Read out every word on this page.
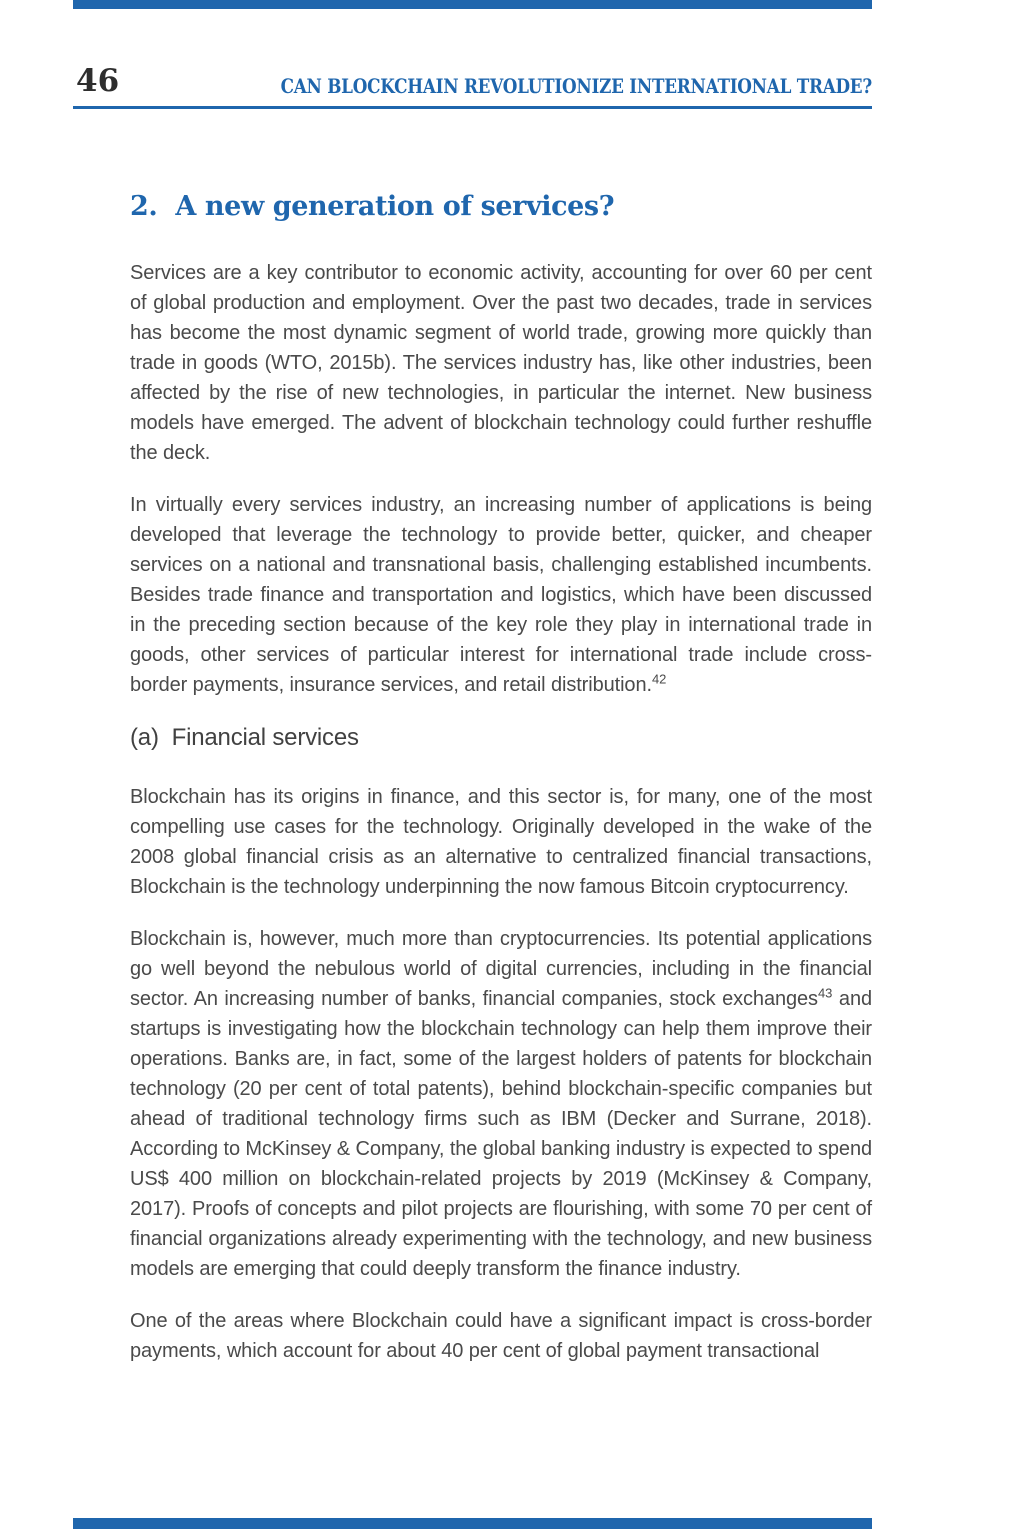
46	CAN BLOCKCHAIN REVOLUTIONIZE INTERNATIONAL TRADE?
2.  A new generation of services?

Services are a key contributor to economic activity, accounting for over 60 per cent of global production and employment. Over the past two decades, trade in services has become the most dynamic segment of world trade, growing more quickly than trade in goods (WTO, 2015b). The services industry has, like other industries, been affected by the rise of new technologies, in particular the internet. New business models have emerged. The advent of blockchain technology could further reshuffle the deck.

In virtually every services industry, an increasing number of applications is being developed that leverage the technology to provide better, quicker, and cheaper services on a national and transnational basis, challenging established incumbents. Besides trade finance and transportation and logistics, which have been discussed in the preceding section because of the key role they play in international trade in goods, other services of particular interest for international trade include cross-border payments, insurance services, and retail distribution.$^{42}$

(a)  Financial services

Blockchain has its origins in finance, and this sector is, for many, one of the most compelling use cases for the technology. Originally developed in the wake of the 2008 global financial crisis as an alternative to centralized financial transactions, Blockchain is the technology underpinning the now famous Bitcoin cryptocurrency.

Blockchain is, however, much more than cryptocurrencies. Its potential applications go well beyond the nebulous world of digital currencies, including in the financial sector. An increasing number of banks, financial companies, stock exchanges$^{43}$ and startups is investigating how the blockchain technology can help them improve their operations. Banks are, in fact, some of the largest holders of patents for blockchain technology (20 per cent of total patents), behind blockchain-specific companies but ahead of traditional technology firms such as IBM (Decker and Surrane, 2018). According to McKinsey & Company, the global banking industry is expected to spend US$ 400 million on blockchain-related projects by 2019 (McKinsey & Company, 2017). Proofs of concepts and pilot projects are flourishing, with some 70 per cent of financial organizations already experimenting with the technology, and new business models are emerging that could deeply transform the finance industry.

One of the areas where Blockchain could have a significant impact is cross-border payments, which account for about 40 per cent of global payment transactional
